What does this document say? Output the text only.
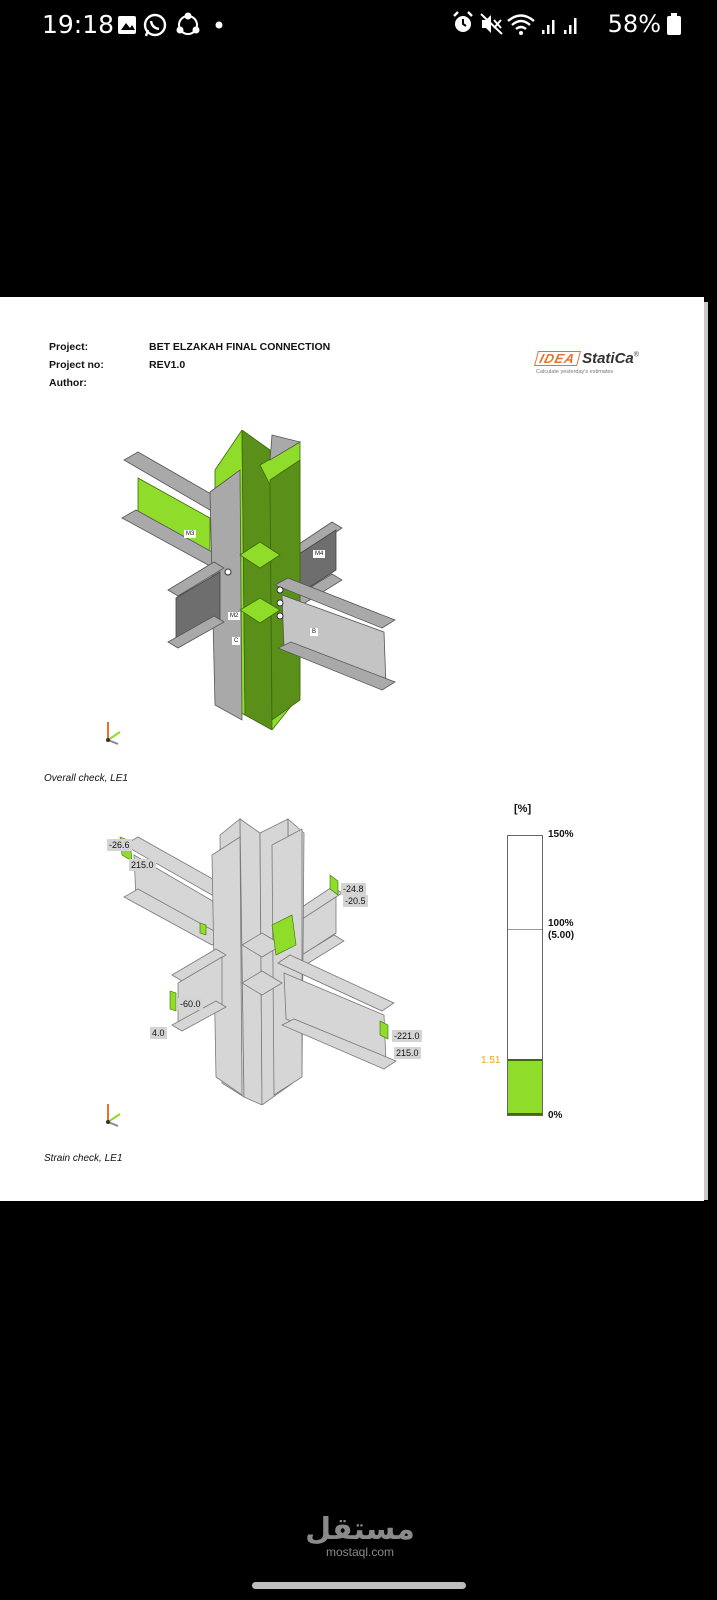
19:18	58%
Project:	BET ELZAKAH FINAL CONNECTION
Project no:	REV1.0
Author:
IDEA StatiCa®
Calculate yesterday's estimates
M3
M4
M2
C
B
Overall check, LE1
-26.6
215.0
-24.8
-20.5
-60.0
4.0	-221.0
215.0
Strain check, LE1
[%]
150%
100%
(5.00)
0%
1.51
مستقل
mostaql.com
